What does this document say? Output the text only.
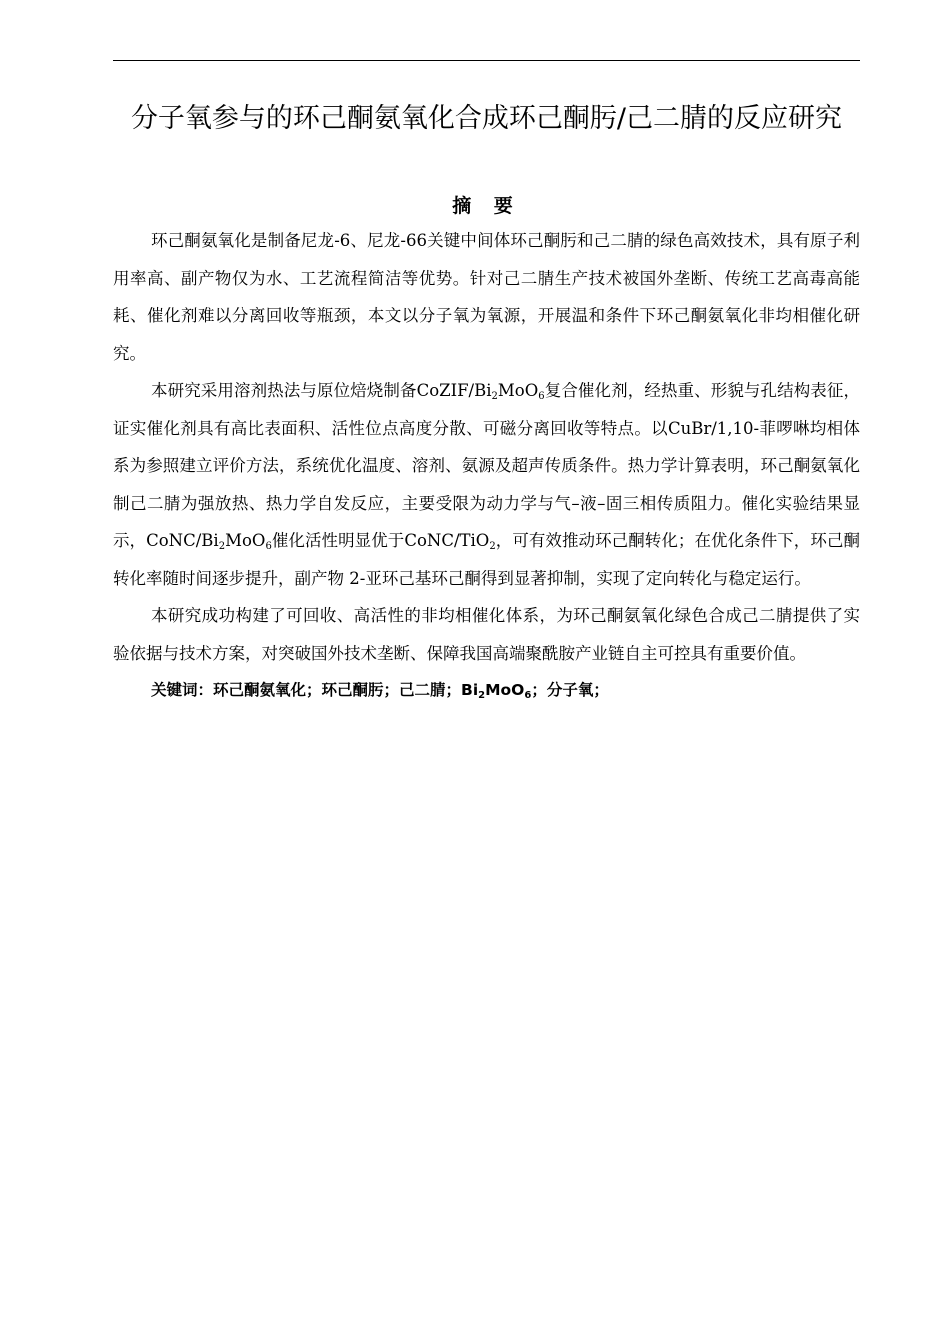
分子氧参与的环己酮氨氧化合成环己酮肟/己二腈的反应研究
摘 要

环己酮氨氧化是制备尼龙-6、尼龙-66关键中间体环己酮肟和己二腈的绿色高效技术，具有原子利用率高、副产物仅为水、工艺流程简洁等优势。针对己二腈生产技术被国外垄断、传统工艺高毒高能耗、催化剂难以分离回收等瓶颈，本文以分子氧为氧源，开展温和条件下环己酮氨氧化非均相催化研究。

本研究采用溶剂热法与原位焙烧制备CoZIF/$Bi_2MoO_6$复合催化剂，经热重、形貌与孔结构表征，证实催化剂具有高比表面积、活性位点高度分散、可磁分离回收等特点。以CuBr/1,10-菲啰啉均相体系为参照建立评价方法，系统优化温度、溶剂、氨源及超声传质条件。热力学计算表明，环己酮氨氧化制己二腈为强放热、热力学自发反应，主要受限为动力学与气–液–固三相传质阻力。催化实验结果显示，CoNC/$Bi_2MoO_6$催化活性明显优于CoNC/TiO$_2$，可有效推动环己酮转化；在优化条件下，环己酮转化率随时间逐步提升，副产物 2-亚环己基环己酮得到显著抑制，实现了定向转化与稳定运行。

本研究成功构建了可回收、高活性的非均相催化体系，为环己酮氨氧化绿色合成己二腈提供了实验依据与技术方案，对突破国外技术垄断、保障我国高端聚酰胺产业链自主可控具有重要价值。

关键词：环己酮氨氧化；环己酮肟；己二腈；$Bi_2MoO_6$；分子氧；
